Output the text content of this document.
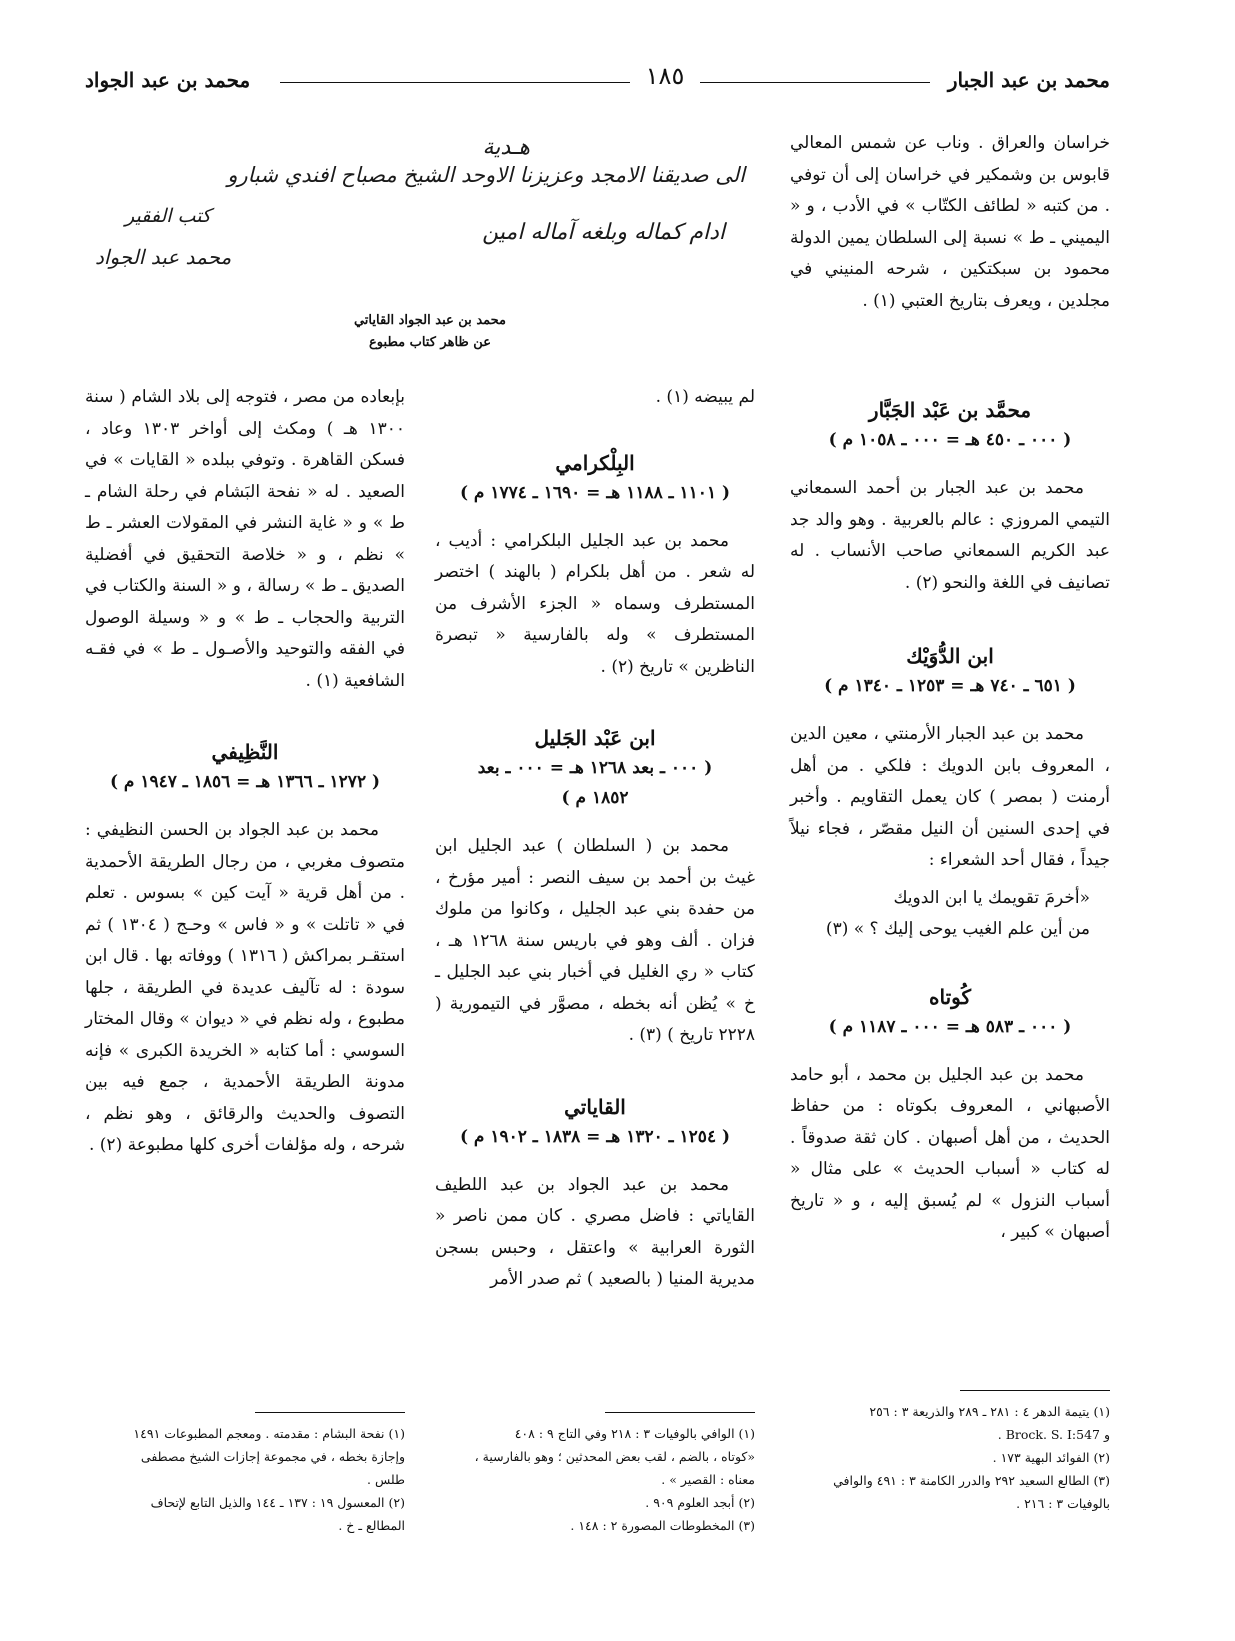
محمد بن عبد الجبار
١٨٥
محمد بن عبد الجواد
هـدية
الى صديقنا الامجد وعزيزنا الاوحد الشيخ مصباح افندي شبارو
ادام كماله وبلغه آماله امين
كتب الفقير
محمد عبد الجواد
محمد بن عبد الجواد القاياتي
عن ظاهر كتاب مطبوع

خراسان والعراق . وناب عن شمس المعالي قابوس بن وشمكير في خراسان إلى أن توفي . من كتبه « لطائف الكتّاب » في الأدب ، و « اليميني ـ ط » نسبة إلى السلطان يمين الدولة محمود بن سبكتكين ، شرحه المنيني في مجلدين ، ويعرف بتاريخ العتبي (١) .

محمَّد بن عَبْد الجَبَّار
( ٠٠٠ ـ ٤٥٠ هـ = ٠٠٠ ـ ١٠٥٨ م )

محمد بن عبد الجبار بن أحمد السمعاني التيمي المروزي : عالم بالعربية . وهو والد جد عبد الكريم السمعاني صاحب الأنساب . له تصانيف في اللغة والنحو (٢) .

ابن الدُّوَيْك
( ٦٥١ ـ ٧٤٠ هـ = ١٢٥٣ ـ ١٣٤٠ م )

محمد بن عبد الجبار الأرمنتي ، معين الدين ، المعروف بابن الدويك : فلكي . من أهل أرمنت ( بمصر ) كان يعمل التقاويم . وأخبر في إحدى السنين أن النيل مقصّر ، فجاء نيلاً جيداً ، فقال أحد الشعراء :

«أخرمَ تقويمك يا ابن الدويك
من أين علم الغيب يوحى إليك ؟ » (٣)
كُوتاه
( ٠٠٠ ـ ٥٨٣ هـ = ٠٠٠ ـ ١١٨٧ م )

محمد بن عبد الجليل بن محمد ، أبو حامد الأصبهاني ، المعروف بكوتاه : من حفاظ الحديث ، من أهل أصبهان . كان ثقة صدوقاً . له كتاب « أسباب الحديث » على مثال « أسباب النزول » لم يُسبق إليه ، و « تاريخ أصبهان » كبير ،

(١) يتيمة الدهر ٤ : ٢٨١ ـ ٢٨٩ والذريعة ٣ : ٢٥٦
و Brock. S. I:547 .
(٢) الفوائد البهية ١٧٣ .
(٣) الطالع السعيد ٢٩٢ والدرر الكامنة ٣ : ٤٩١ والوافي
بالوفيات ٣ : ٢١٦ .

لم يبيضه (١) .

البِلْكرامي
( ١١٠١ ـ ١١٨٨ هـ = ١٦٩٠ ـ ١٧٧٤ م )

محمد بن عبد الجليل البلكرامي : أديب ، له شعر . من أهل بلكرام ( بالهند ) اختصر المستطرف وسماه « الجزء الأشرف من المستطرف » وله بالفارسية « تبصرة الناظرين » تاريخ (٢) .

ابن عَبْد الجَليل
( ٠٠٠ ـ بعد ١٢٦٨ هـ = ٠٠٠ ـ بعد
١٨٥٢ م )

محمد بن ( السلطان ) عبد الجليل ابن غيث بن أحمد بن سيف النصر : أمير مؤرخ ، من حفدة بني عبد الجليل ، وكانوا من ملوك فزان . ألف وهو في باريس سنة ١٢٦٨ هـ ، كتاب « ري الغليل في أخبار بني عبد الجليل ـ خ » يُظن أنه بخطه ، مصوَّر في التيمورية ( ٢٢٢٨ تاريخ ) (٣) .

القاياتي
( ١٢٥٤ ـ ١٣٢٠ هـ = ١٨٣٨ ـ ١٩٠٢ م )

محمد بن عبد الجواد بن عبد اللطيف القاياتي : فاضل مصري . كان ممن ناصر « الثورة العرابية » واعتقل ، وحبس بسجن مديرية المنيا ( بالصعيد ) ثم صدر الأمر

(١) الوافي بالوفيات ٣ : ٢١٨ وفي التاج ٩ : ٤٠٨
«كوتاه ، بالضم ، لقب بعض المحدثين ؛ وهو بالفارسية ،
معناه : القصير » .
(٢) أبجد العلوم ٩٠٩ .
(٣) المخطوطات المصورة ٢ : ١٤٨ .

بإبعاده من مصر ، فتوجه إلى بلاد الشام ( سنة ١٣٠٠ هـ ) ومكث إلى أواخر ١٣٠٣ وعاد ، فسكن القاهرة . وتوفي ببلده « القايات » في الصعيد . له « نفحة البَشام في رحلة الشام ـ ط » و « غاية النشر في المقولات العشر ـ ط » نظم ، و « خلاصة التحقيق في أفضلية الصديق ـ ط » رسالة ، و « السنة والكتاب في التربية والحجاب ـ ط » و « وسيلة الوصول في الفقه والتوحيد والأصـول ـ ط » في فقـه الشافعية (١) .

النَّظِيفي
( ١٢٧٢ ـ ١٣٦٦ هـ = ١٨٥٦ ـ ١٩٤٧ م )

محمد بن عبد الجواد بن الحسن النظيفي : متصوف مغربي ، من رجال الطريقة الأحمدية . من أهل قرية « آيت كين » بسوس . تعلم في « تاتلت » و « فاس » وحـج ( ١٣٠٤ ) ثم استقـر بمراكش ( ١٣١٦ ) ووفاته بها . قال ابن سودة : له تآليف عديدة في الطريقة ، جلها مطبوع ، وله نظم في « ديوان » وقال المختار السوسي : أما كتابه « الخريدة الكبرى » فإنه مدونة الطريقة الأحمدية ، جمع فيه بين التصوف والحديث والرقائق ، وهو نظم ، شرحه ، وله مؤلفات أخرى كلها مطبوعة (٢) .

(١) نفحة البشام : مقدمته . ومعجم المطبوعات ١٤٩١
وإجازة بخطه ، في مجموعة إجازات الشيخ مصطفى
طلس .
(٢) المعسول ١٩ : ١٣٧ ـ ١٤٤ والذيل التابع لإتحاف
المطالع ـ خ .
